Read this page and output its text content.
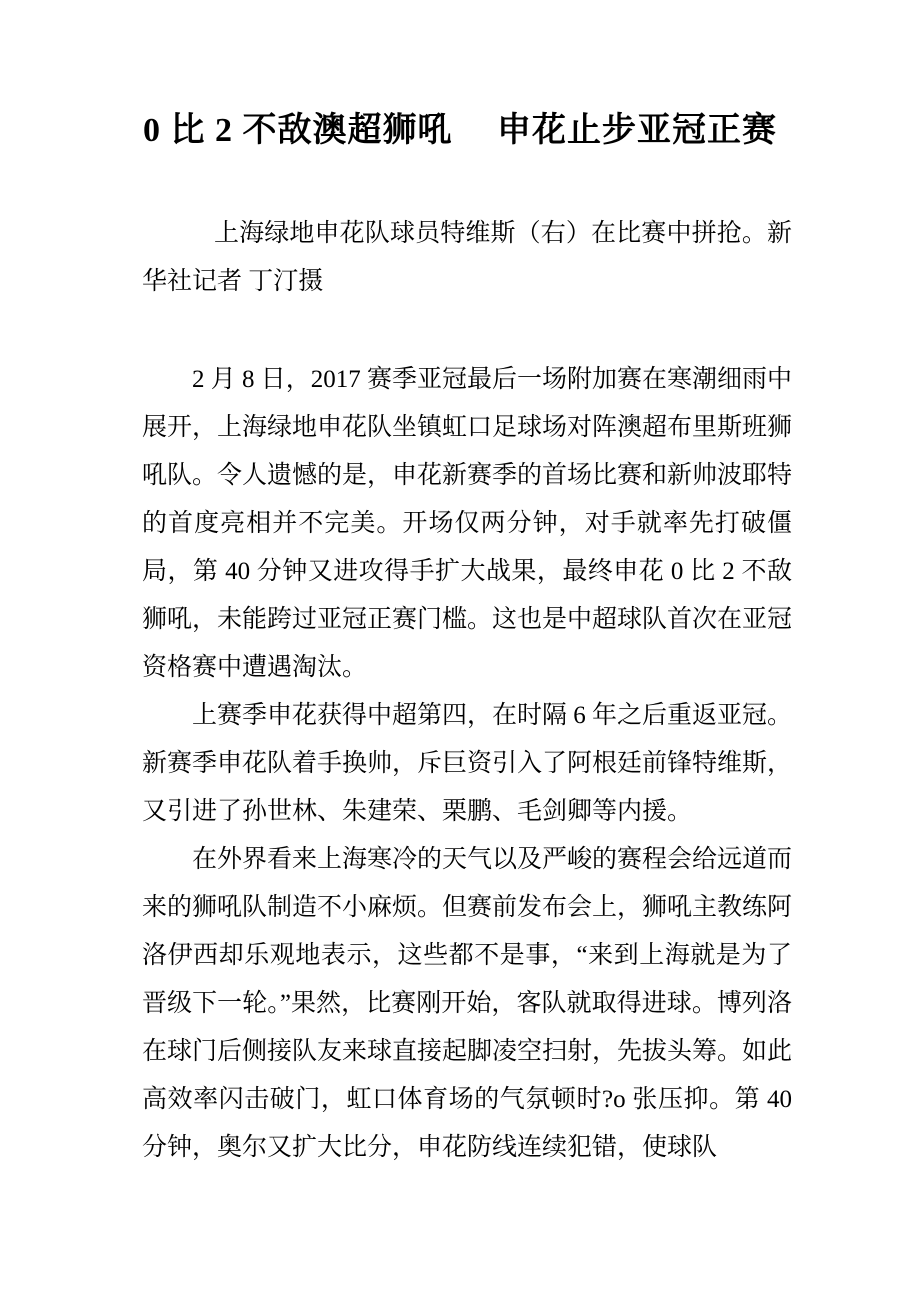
0 比 2 不敌澳超狮吼　 申花止步亚冠正赛

上海绿地申花队球员特维斯（右）在比赛中拼抢。新华社记者 丁汀摄

2 月 8 日，2017 赛季亚冠最后一场附加赛在寒潮细雨中展开，上海绿地申花队坐镇虹口足球场对阵澳超布里斯班狮吼队。令人遗憾的是，申花新赛季的首场比赛和新帅波耶特的首度亮相并不完美。开场仅两分钟，对手就率先打破僵局，第 40 分钟又进攻得手扩大战果，最终申花 0 比 2 不敌狮吼，未能跨过亚冠正赛门槛。这也是中超球队首次在亚冠资格赛中遭遇淘汰。

上赛季申花获得中超第四，在时隔 6 年之后重返亚冠。新赛季申花队着手换帅，斥巨资引入了阿根廷前锋特维斯，又引进了孙世林、朱建荣、栗鹏、毛剑卿等内援。

在外界看来上海寒冷的天气以及严峻的赛程会给远道而来的狮吼队制造不小麻烦。但赛前发布会上，狮吼主教练阿洛伊西却乐观地表示，这些都不是事，“来到上海就是为了晋级下一轮。”果然，比赛刚开始，客队就取得进球。博列洛在球门后侧接队友来球直接起脚凌空扫射，先拔头筹。如此高效率闪击破门，虹口体育场的气氛顿时?o 张压抑。第 40 分钟，奥尔又扩大比分，申花防线连续犯错，使球队
